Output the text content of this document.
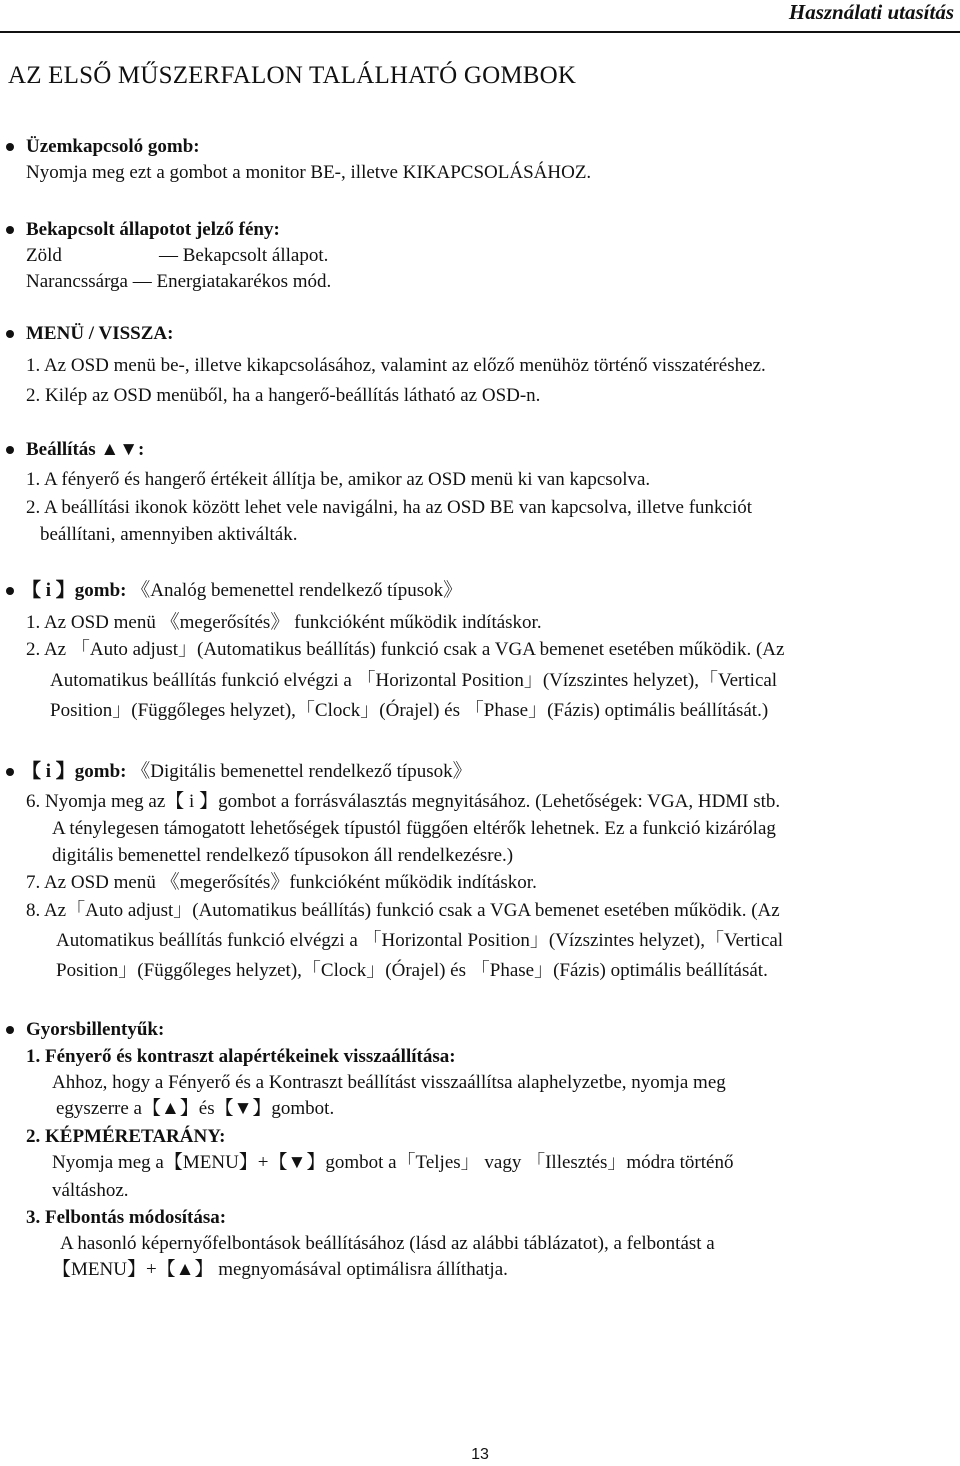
Használati utasítás
AZ ELSŐ MŰSZERFALON TALÁLHATÓ GOMBOK
Üzemkapcsoló gomb:
Nyomja meg ezt a gombot a monitor BE-, illetve KIKAPCSOLÁSÁHOZ.
Bekapcsolt állapotot jelző fény:
Zöld	— Bekapcsolt állapot.
Narancssárga — Energiatakarékos mód.
MENÜ / VISSZA:
1. Az OSD menü be-, illetve kikapcsolásához, valamint az előző menühöz történő visszatéréshez.
2. Kilép az OSD menüből, ha a hangerő-beállítás látható az OSD-n.
Beállítás ▲▼:
1. A fényerő és hangerő értékeit állítja be, amikor az OSD menü ki van kapcsolva.
2. A beállítási ikonok között lehet vele navigálni, ha az OSD BE van kapcsolva, illetve funkciót
beállítani, amennyiben aktiválták.
【 i 】gomb: 《Analóg bemenettel rendelkező típusok》
1. Az OSD menü 《megerősítés》 funkcióként működik indításkor.
2. Az 「Auto adjust」(Automatikus beállítás) funkció csak a VGA bemenet esetében működik. (Az
Automatikus beállítás funkció elvégzi a 「Horizontal Position」(Vízszintes helyzet),「Vertical
Position」(Függőleges helyzet),「Clock」(Órajel) és 「Phase」(Fázis) optimális beállítását.)
【 i 】gomb: 《Digitális bemenettel rendelkező típusok》
6. Nyomja meg az【 i 】gombot a forrásválasztás megnyitásához. (Lehetőségek: VGA, HDMI stb.
A ténylegesen támogatott lehetőségek típustól függően eltérők lehetnek. Ez a funkció kizárólag
digitális bemenettel rendelkező típusokon áll rendelkezésre.)
7. Az OSD menü 《megerősítés》funkcióként működik indításkor.
8. Az「Auto adjust」(Automatikus beállítás) funkció csak a VGA bemenet esetében működik. (Az
Automatikus beállítás funkció elvégzi a 「Horizontal Position」(Vízszintes helyzet),「Vertical
Position」(Függőleges helyzet),「Clock」(Órajel) és 「Phase」(Fázis) optimális beállítását.
Gyorsbillentyűk:
1. Fényerő és kontraszt alapértékeinek visszaállítása:
Ahhoz, hogy a Fényerő és a Kontraszt beállítást visszaállítsa alaphelyzetbe, nyomja meg
egyszerre a【▲】és【▼】gombot.
2. KÉPMÉRETARÁNY:
Nyomja meg a【MENU】+【▼】gombot a「Teljes」 vagy 「Illesztés」módra történő
váltáshoz.
3. Felbontás módosítása:
A hasonló képernyőfelbontások beállításához (lásd az alábbi táblázatot), a felbontást a
【MENU】+【▲】 megnyomásával optimálisra állíthatja.
13
